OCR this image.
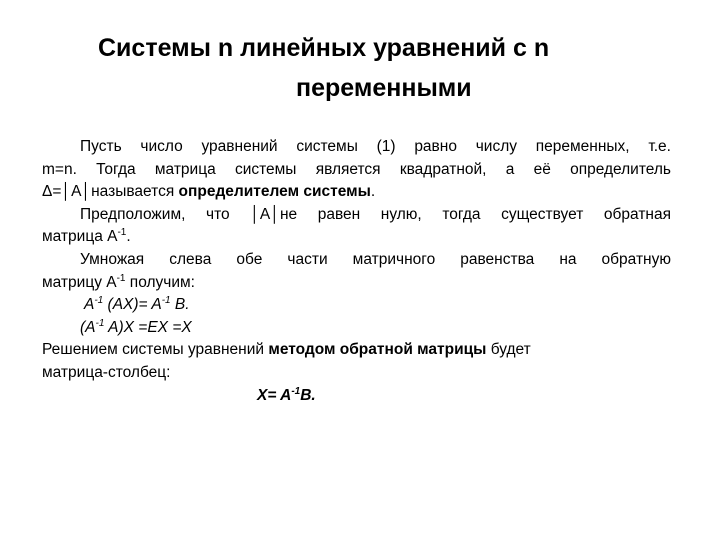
Системы n линейных уравнений с n
переменными

Пусть число уравнений системы (1) равно числу переменных, т.е.

m=n. Тогда матрица системы является квадратной, а её определитель

Δ=│A│называется определителем системы.

Предположим, что │A│не равен нулю, тогда существует обратная

матрица $A^{-1}$.

Умножая слева обе части матричного равенства на обратную

матрицу $A^{-1}$ получим:

$A^{-1}$ $(AX)= A^{-1}$ B.

($A^{-1}$ A)X =EX =X

Решением системы уравнений методом обратной матрицы будет

матрица-столбец:

$X= A^{-1}B$.
